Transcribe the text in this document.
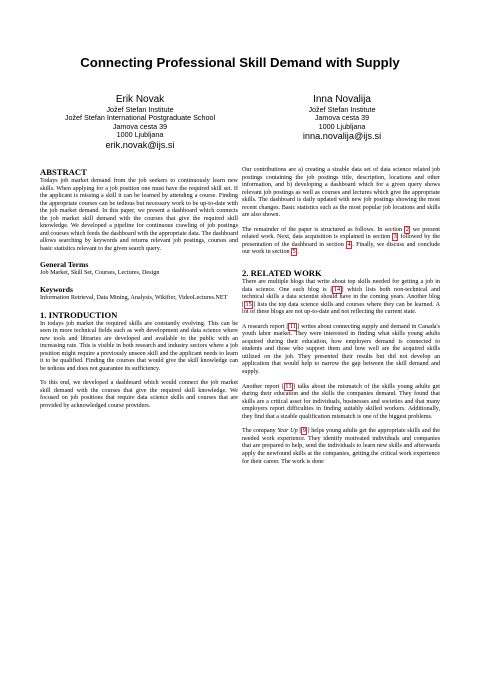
Connecting Professional Skill Demand with Supply
Erik Novak
Jožef Stefan Institute
Jožef Stefan International Postgraduate School
Jamova cesta 39
1000 Ljubljana
erik.novak@ijs.si
Inna Novalija
Jožef Stefan Institute
Jamova cesta 39
1000 Ljubljana
inna.novalija@ijs.si
ABSTRACT

Todays job market demand from the job seekers to continuously learn new skills. When applying for a job position one must have the required skill set. If the applicant is missing a skill it can be learned by attending a course. Finding the appropriate courses can be tedious but necessary work to be up-to-date with the job market demand. In this paper, we present a dashboard which connects the job market skill demand with the courses that give the required skill knowledge. We developed a pipeline for continuous crawling of job postings and courses which feeds the dashboard with the appropriate data. The dashboard allows searching by keywords and returns relevant job postings, courses and basic statistics relevant to the given search query.

General Terms

Job Market, Skill Set, Courses, Lectures, Design

Keywords

Information Retrieval, Data Mining, Analysis, Wikifier, VideoLectures.NET

1. INTRODUCTION

In todays job market the required skills are constantly evolving. This can be seen in more technical fields such as web development and data science where new tools and libraries are developed and available to the public with an increasing rate. This is visible in both research and industry sectors where a job position might require a previously unseen skill and the applicant needs to learn it to be qualified. Finding the courses that would give the skill knowledge can be tedious and does not guarantee its sufficiency.

To this end, we developed a dashboard which would connect the job market skill demand with the courses that give the required skill knowledge. We focused on job positions that require data science skills and courses that are provided by acknowledged course providers.

Our contributions are a) creating a sizable data set of data science related job postings containing the job postings title, description, locations and other information, and b) developing a dashboard which for a given query shows relevant job postings as well as courses and lectures which give the appropriate skills. The dashboard is daily updated with new job postings showing the most recent changes. Basic statistics such as the most popular job locations and skills are also shown.

The remainder of the paper is structured as follows. In section 2 we present related work. Next, data acquisition is explained in section 3 followed by the presentation of the dashboard in section 4 . Finally, we discuss and conclude our work in section 5 .

2. RELATED WORK

There are multiple blogs that write about top skills needed for getting a job in data science. One such blog is [ 14 ] which lists both non-technical and technical skills a data scientist should have in the coming years. Another blog [ 15 ] lists the top data science skills and courses where they can be learned. A lot of these blogs are not up-to-date and not reflecting the current state.

A research report [ 11 ] writes about connecting supply and demand in Canada's youth labor market. They were interested in finding what skills young adults acquired during their education, how employers demand is connected to students and those who support them and how well are the acquired skills utilized on the job. They presented their results but did not develop an application that would help to narrow the gap between the skill demand and supply.

Another report [ 13 ] talks about the mismatch of the skills young adults get during their education and the skills the companies demand. They found that skills are a critical asset for individuals, businesses and societies and that many employers report difficulties in finding suitably skilled workers. Additionally, they find that a sizable qualification mismatch is one of the biggest problems.

The company Year Up [ 9 ] helps young adults get the appropriate skills and the needed work experience. They identify motivated individuals and companies that are prepared to help, send the individuals to learn new skills and afterwards apply the newfound skills at the companies, getting the critical work experience for their career. The work is done
